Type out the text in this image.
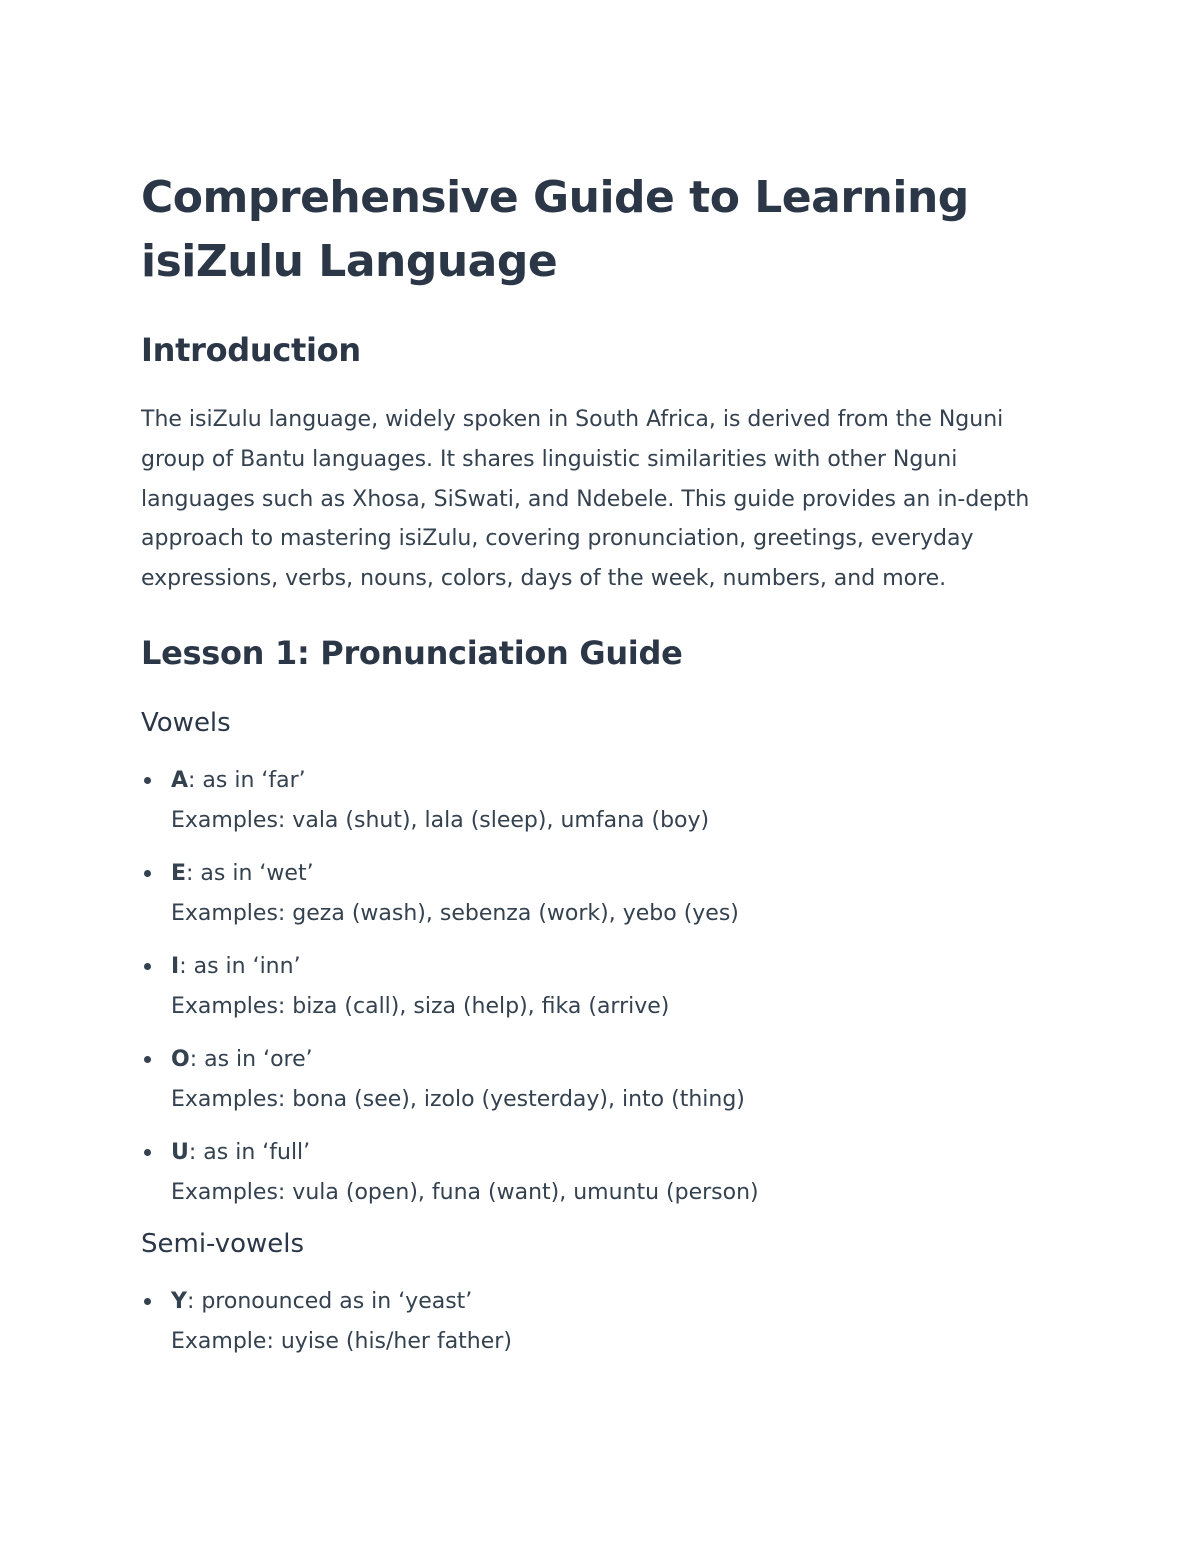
Comprehensive Guide to Learning isiZulu Language
Introduction

The isiZulu language, widely spoken in South Africa, is derived from the Nguni group of Bantu languages. It shares linguistic similarities with other Nguni languages such as Xhosa, SiSwati, and Ndebele. This guide provides an in-depth approach to mastering isiZulu, covering pronunciation, greetings, everyday expressions, verbs, nouns, colors, days of the week, numbers, and more.

Lesson 1: Pronunciation Guide
Vowels
A: as in ‘far’
Examples: vala (shut), lala (sleep), umfana (boy)
E: as in ‘wet’
Examples: geza (wash), sebenza (work), yebo (yes)
I: as in ‘inn’
Examples: biza (call), siza (help), fika (arrive)
O: as in ‘ore’
Examples: bona (see), izolo (yesterday), into (thing)
U: as in ‘full’
Examples: vula (open), funa (want), umuntu (person)
Semi-vowels
Y: pronounced as in ‘yeast’
Example: uyise (his/her father)
